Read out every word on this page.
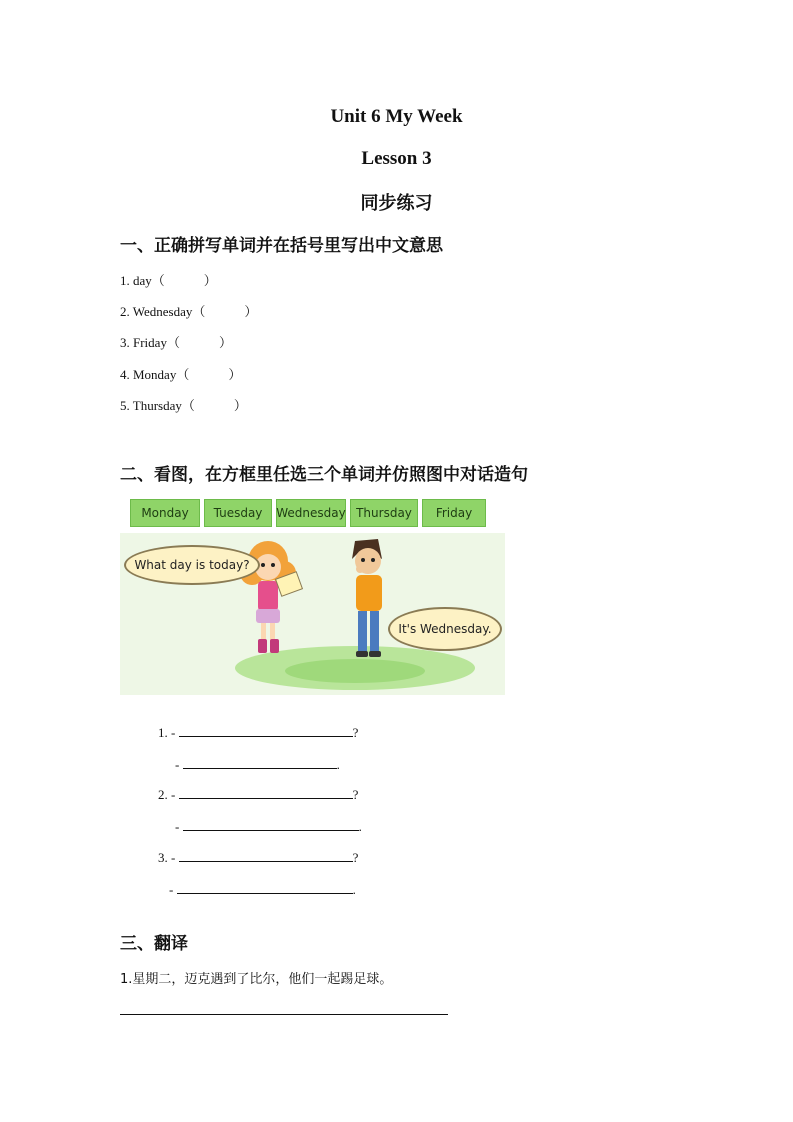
Unit 6 My Week
Lesson 3
同步练习
一、正确拼写单词并在括号里写出中文意思
1. day（            ）
2. Wednesday（            ）
3. Friday（            ）
4. Monday（            ）
5. Thursday（            ）
二、看图，在方框里任选三个单词并仿照图中对话造句
Monday	Tuesday	Wednesday Thursday	Friday
What day is today?
It's Wednesday.

1. -	?

-	.

2. -	?

-	.

3. -	?

-	.

三、翻译
1.星期二，迈克遇到了比尔，他们一起踢足球。
